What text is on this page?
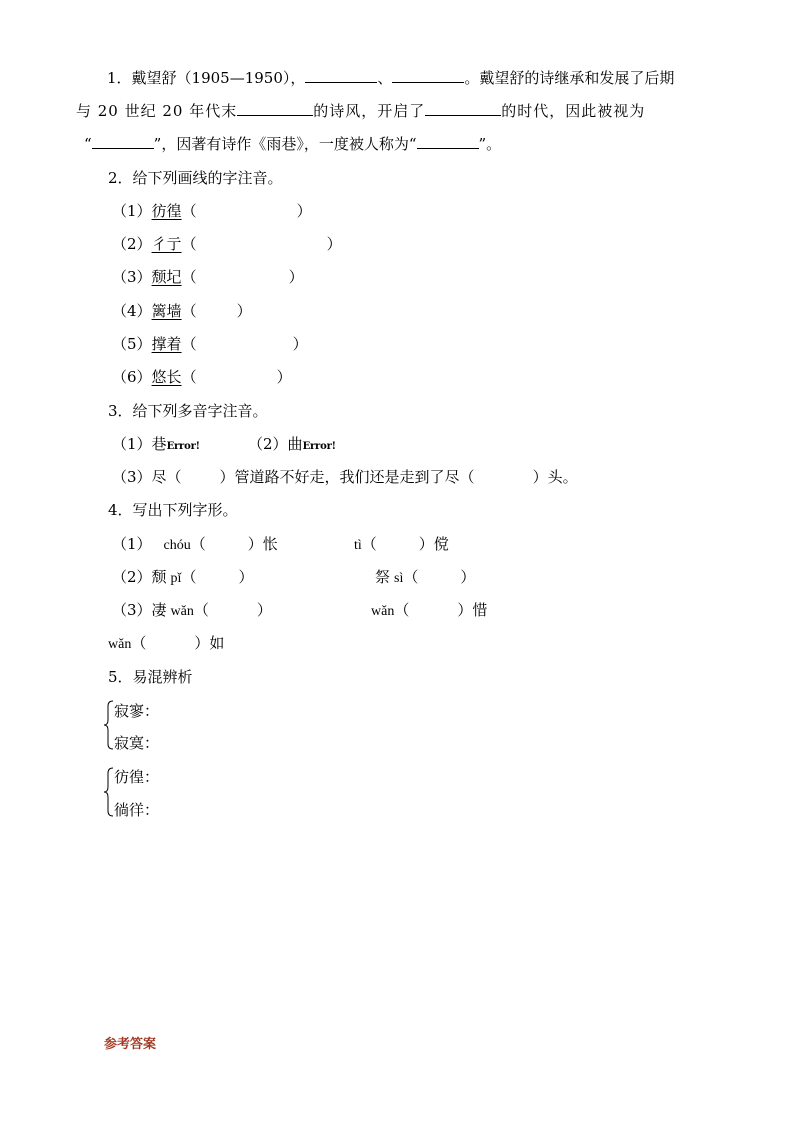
1．戴望舒（1905—1950），	、	。戴望舒的诗继承和发展了后期
与 20 世纪 20 年代末	的诗风，开启了	的时代，因此被视为
“	”，因著有诗作《雨巷》，一度被人称为“	”。
2．给下列画线的字注音。
（1）彷徨（	）
（2）彳亍（	）
（3）颓圮（	）
（4）篱墙（	）
（5）撑着（	）
（6）悠长（	）
3．给下列多音字注音。
（1）巷Error!	（2）曲Error!
（3）尽（	）管道路不好走，我们还是走到了尽（	）头。
4．写出下列字形。
（1） chóu（	）怅	tì（	）傥
（2）颓 pǐ（	）	祭 sì（	）
（3）凄 wǎn（	）	wǎn（	）惜
wǎn（	）如
5．易混辨析
寂寥：
寂寞：
彷徨：
徜徉：
参考答案
